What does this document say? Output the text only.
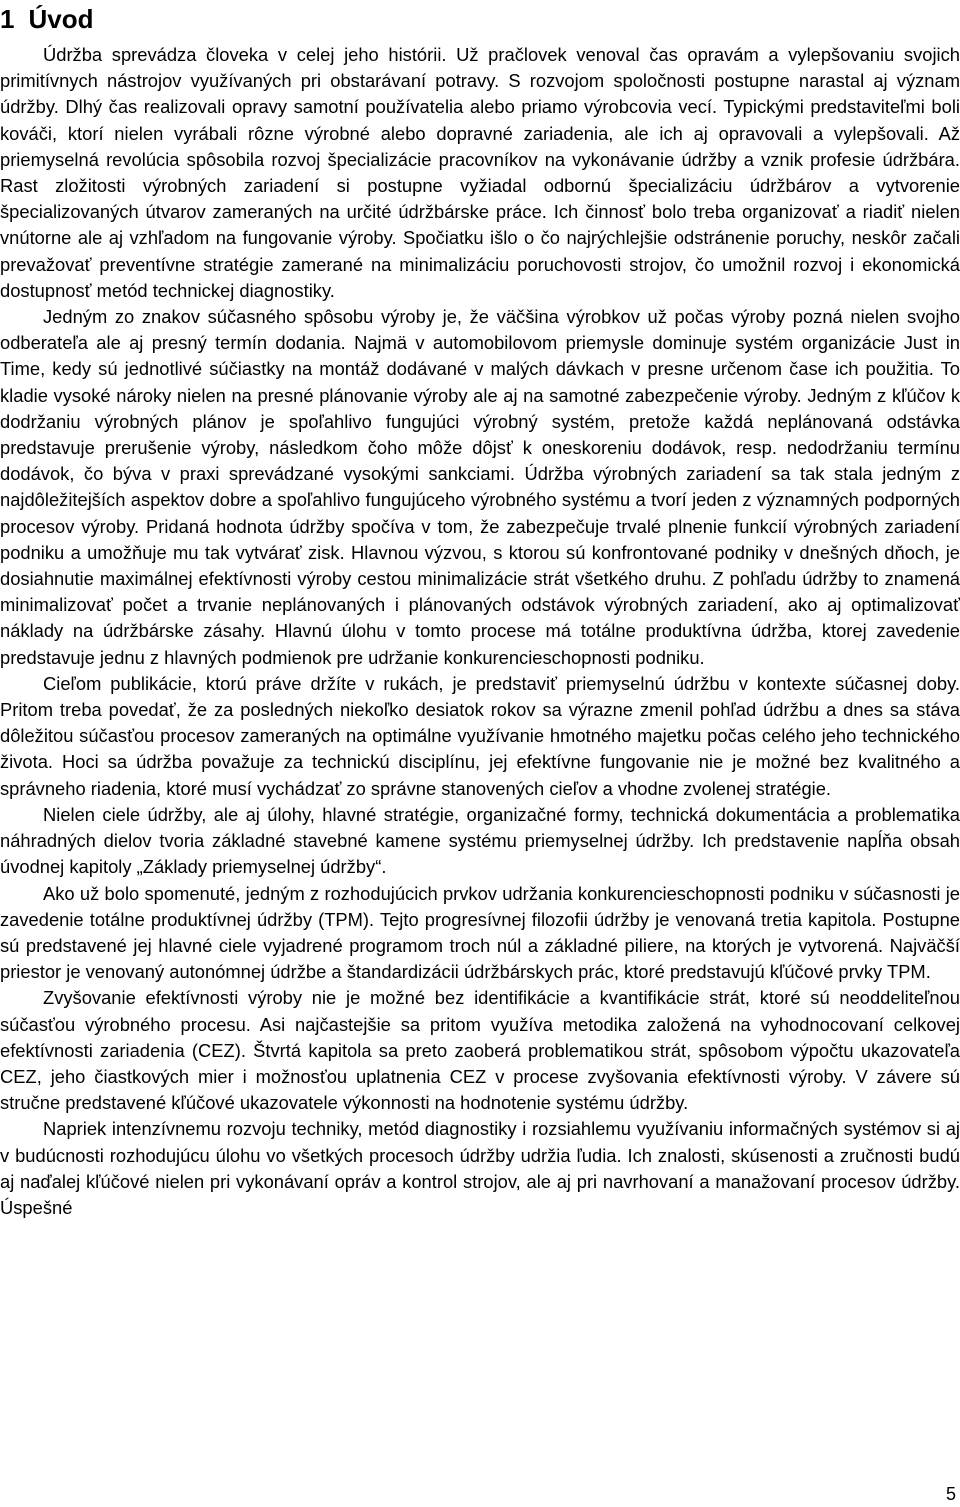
1 Úvod

Údržba sprevádza človeka v celej jeho histórii. Už pračlovek venoval čas opravám a vylepšovaniu svojich primitívnych nástrojov využívaných pri obstarávaní potravy. S rozvojom spoločnosti postupne narastal aj význam údržby. Dlhý čas realizovali opravy samotní používatelia alebo priamo výrobcovia vecí. Typickými predstaviteľmi boli kováči, ktorí nielen vyrábali rôzne výrobné alebo dopravné zariadenia, ale ich aj opravovali a vylepšovali. Až priemyselná revolúcia spôsobila rozvoj špecializácie pracovníkov na vykonávanie údržby a vznik profesie údržbára. Rast zložitosti výrobných zariadení si postupne vyžiadal odbornú špecializáciu údržbárov a vytvorenie špecializovaných útvarov zameraných na určité údržbárske práce. Ich činnosť bolo treba organizovať a riadiť nielen vnútorne ale aj vzhľadom na fungovanie výroby. Spočiatku išlo o čo najrýchlejšie odstránenie poruchy, neskôr začali prevažovať preventívne stratégie zamerané na minimalizáciu poruchovosti strojov, čo umožnil rozvoj i ekonomická dostupnosť metód technickej diagnostiky.

Jedným zo znakov súčasného spôsobu výroby je, že väčšina výrobkov už počas výroby pozná nielen svojho odberateľa ale aj presný termín dodania. Najmä v automobilovom priemysle dominuje systém organizácie Just in Time, kedy sú jednotlivé súčiastky na montáž dodávané v malých dávkach v presne určenom čase ich použitia. To kladie vysoké nároky nielen na presné plánovanie výroby ale aj na samotné zabezpečenie výroby. Jedným z kľúčov k dodržaniu výrobných plánov je spoľahlivo fungujúci výrobný systém, pretože každá neplánovaná odstávka predstavuje prerušenie výroby, následkom čoho môže dôjsť k oneskoreniu dodávok, resp. nedodržaniu termínu dodávok, čo býva v praxi sprevádzané vysokými sankciami. Údržba výrobných zariadení sa tak stala jedným z najdôležitejších aspektov dobre a spoľahlivo fungujúceho výrobného systému a tvorí jeden z významných podporných procesov výroby. Pridaná hodnota údržby spočíva v tom, že zabezpečuje trvalé plnenie funkcií výrobných zariadení podniku a umožňuje mu tak vytvárať zisk. Hlavnou výzvou, s ktorou sú konfrontované podniky v dnešných dňoch, je dosiahnutie maximálnej efektívnosti výroby cestou minimalizácie strát všetkého druhu. Z pohľadu údržby to znamená minimalizovať počet a trvanie neplánovaných i plánovaných odstávok výrobných zariadení, ako aj optimalizovať náklady na údržbárske zásahy. Hlavnú úlohu v tomto procese má totálne produktívna údržba, ktorej zavedenie predstavuje jednu z hlavných podmienok pre udržanie konkurencieschopnosti podniku.

Cieľom publikácie, ktorú práve držíte v rukách, je predstaviť priemyselnú údržbu v kontexte súčasnej doby. Pritom treba povedať, že za posledných niekoľko desiatok rokov sa výrazne zmenil pohľad údržbu a dnes sa stáva dôležitou súčasťou procesov zameraných na optimálne využívanie hmotného majetku počas celého jeho technického života. Hoci sa údržba považuje za technickú disciplínu, jej efektívne fungovanie nie je možné bez kvalitného a správneho riadenia, ktoré musí vychádzať zo správne stanovených cieľov a vhodne zvolenej stratégie.

Nielen ciele údržby, ale aj úlohy, hlavné stratégie, organizačné formy, technická dokumentácia a problematika náhradných dielov tvoria základné stavebné kamene systému priemyselnej údržby. Ich predstavenie napĺňa obsah úvodnej kapitoly „Základy priemyselnej údržby“.

Ako už bolo spomenuté, jedným z rozhodujúcich prvkov udržania konkurencieschopnosti podniku v súčasnosti je zavedenie totálne produktívnej údržby (TPM). Tejto progresívnej filozofii údržby je venovaná tretia kapitola. Postupne sú predstavené jej hlavné ciele vyjadrené programom troch núl a základné piliere, na ktorých je vytvorená. Najväčší priestor je venovaný autonómnej údržbe a štandardizácii údržbárskych prác, ktoré predstavujú kľúčové prvky TPM.

Zvyšovanie efektívnosti výroby nie je možné bez identifikácie a kvantifikácie strát, ktoré sú neoddeliteľnou súčasťou výrobného procesu. Asi najčastejšie sa pritom využíva metodika založená na vyhodnocovaní celkovej efektívnosti zariadenia (CEZ). Štvrtá kapitola sa preto zaoberá problematikou strát, spôsobom výpočtu ukazovateľa CEZ, jeho čiastkových mier i možnosťou uplatnenia CEZ v procese zvyšovania efektívnosti výroby. V závere sú stručne predstavené kľúčové ukazovatele výkonnosti na hodnotenie systému údržby.

Napriek intenzívnemu rozvoju techniky, metód diagnostiky i rozsiahlemu využívaniu informačných systémov si aj v budúcnosti rozhodujúcu úlohu vo všetkých procesoch údržby udržia ľudia. Ich znalosti, skúsenosti a zručnosti budú aj naďalej kľúčové nielen pri vykonávaní opráv a kontrol strojov, ale aj pri navrhovaní a manažovaní procesov údržby. Úspešné

5
